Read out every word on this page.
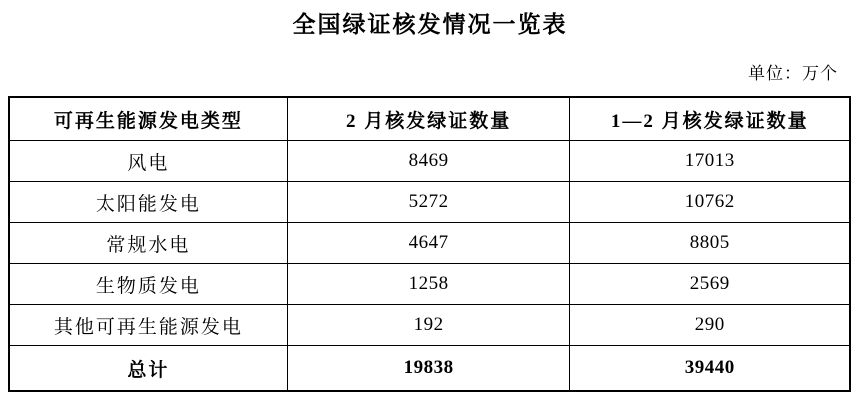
全国绿证核发情况一览表
单位：万个
可再生能源发电类型	2 月核发绿证数量	1—2 月核发绿证数量
风电	8469	17013
太阳能发电	5272	10762
常规水电	4647	8805
生物质发电	1258	2569
其他可再生能源发电	192	290
总计	19838	39440
